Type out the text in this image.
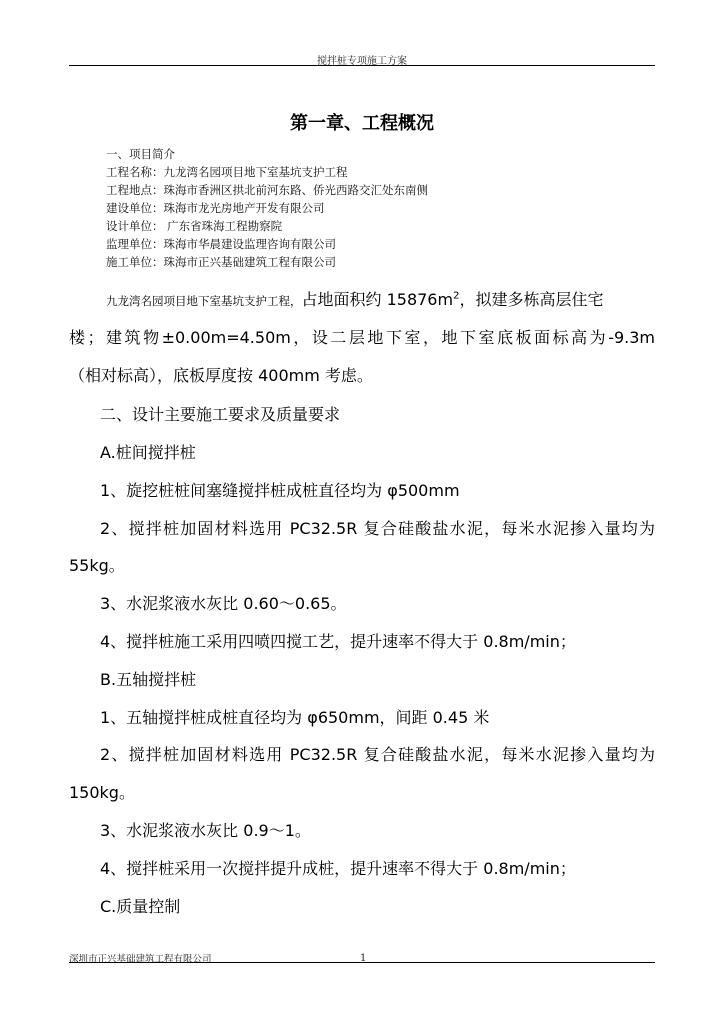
搅拌桩专项施工方案
第一章、工程概况
一、项目简介
工程名称：九龙湾名园项目地下室基坑支护工程
工程地点：珠海市香洲区拱北前河东路、侨光西路交汇处东南侧
建设单位：珠海市龙光房地产开发有限公司
设计单位： 广东省珠海工程勘察院
监理单位：珠海市华晨建设监理咨询有限公司
施工单位：珠海市正兴基础建筑工程有限公司
九龙湾名园项目地下室基坑支护工程，占地面积约 $15876m^2$，拟建多栋高层住宅
楼；建筑物±0.00m=4.50m，设二层地下室，地下室底板面标高为-9.3m
（相对标高），底板厚度按 400mm 考虑。
二、设计主要施工要求及质量要求
A.桩间搅拌桩
1、旋挖桩桩间塞缝搅拌桩成桩直径均为 φ500mm
2、搅拌桩加固材料选用 PC32.5R 复合硅酸盐水泥，每米水泥掺入量均为
55kg。
3、水泥浆液水灰比 0.60～0.65。
4、搅拌桩施工采用四喷四搅工艺，提升速率不得大于 0.8m/min；
B.五轴搅拌桩
1、五轴搅拌桩成桩直径均为 φ650mm，间距 0.45 米
2、搅拌桩加固材料选用 PC32.5R 复合硅酸盐水泥，每米水泥掺入量均为
150kg。
3、水泥浆液水灰比 0.9～1。
4、搅拌桩采用一次搅拌提升成桩，提升速率不得大于 0.8m/min；
C.质量控制
深圳市正兴基础建筑工程有限公司	1
